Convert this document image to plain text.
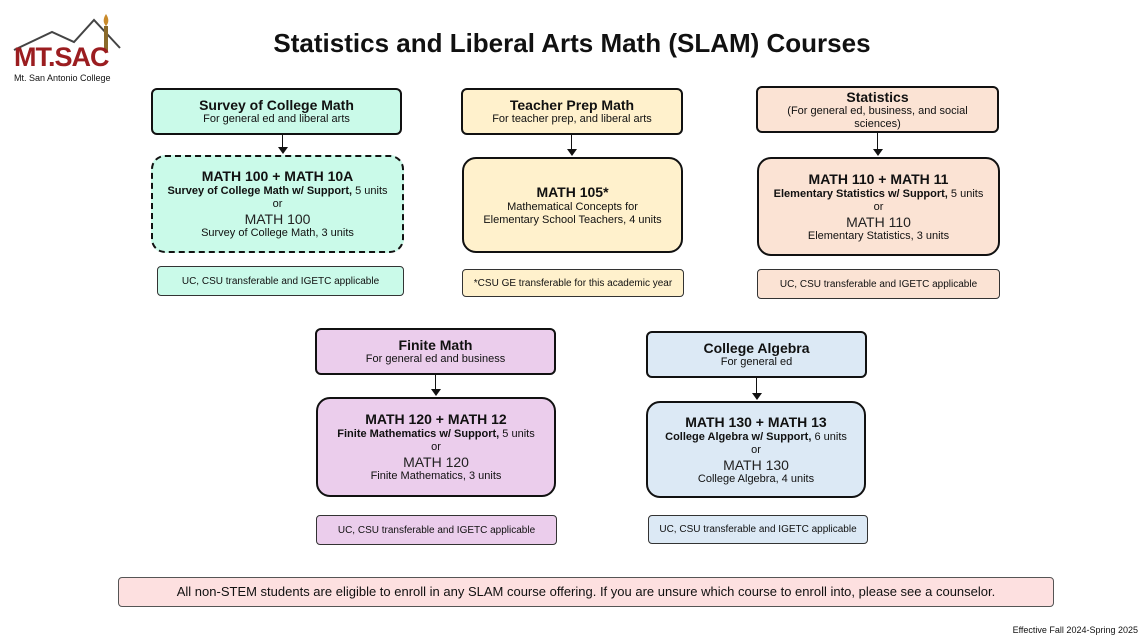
MT.SAC
Mt. San Antonio College
Statistics and Liberal Arts Math (SLAM) Courses
Survey of College Math
For general ed and liberal arts
MATH 100 + MATH 10A
Survey of College Math w/ Support, 5 units
or
MATH 100
Survey of College Math, 3 units
UC, CSU transferable and IGETC applicable
Teacher Prep Math
For teacher prep, and liberal arts
MATH 105*
Mathematical Concepts for
Elementary School Teachers, 4 units
*CSU GE transferable for this academic year
Statistics
(For general ed, business, and social sciences)
MATH 110 + MATH 11
Elementary Statistics w/ Support, 5 units
or
MATH 110
Elementary Statistics, 3 units
UC, CSU transferable and IGETC applicable
Finite Math
For general ed and business
MATH 120 + MATH 12
Finite Mathematics w/ Support, 5 units
or
MATH 120
Finite Mathematics, 3 units
UC, CSU transferable and IGETC applicable
College Algebra
For general ed
MATH 130 + MATH 13
College Algebra w/ Support, 6 units
or
MATH 130
College Algebra, 4 units
UC, CSU transferable and IGETC applicable
All non-STEM students are eligible to enroll in any SLAM course offering. If you are unsure which course to enroll into, please see a counselor.
Effective Fall 2024-Spring 2025
